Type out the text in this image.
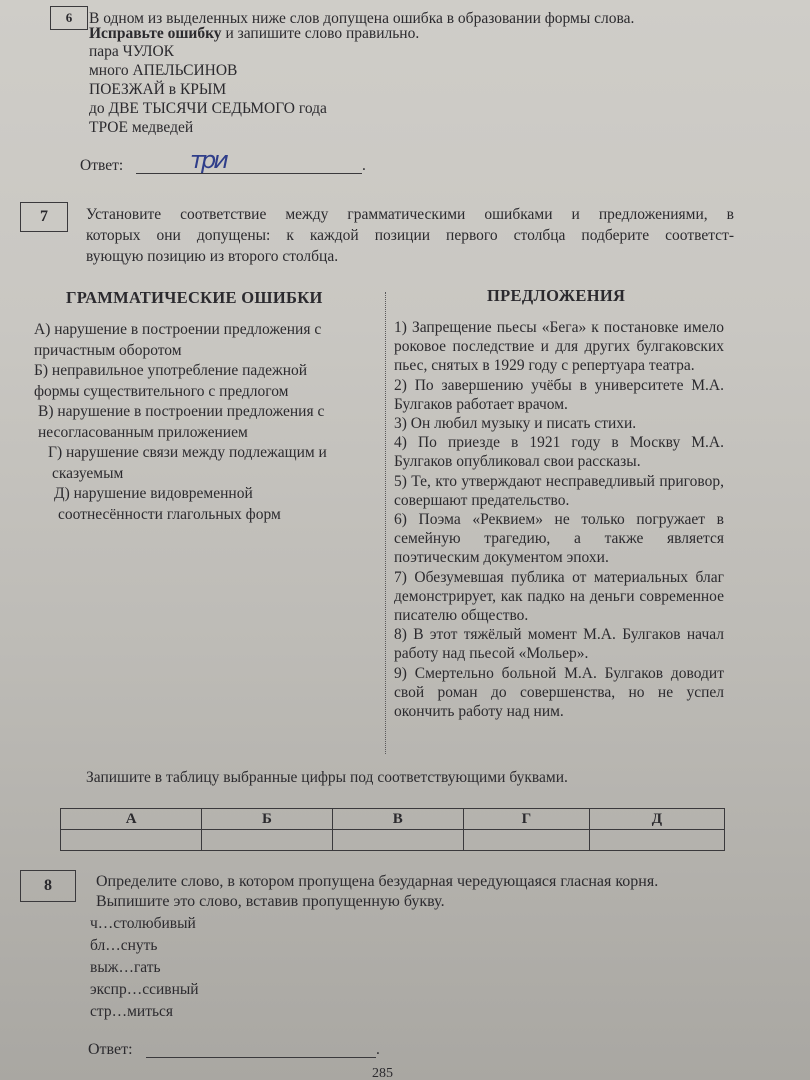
6	В одном из выделенных ниже слов допущена ошибка в образовании формы слова.
Исправьте ошибку и запишите слово правильно.
пара ЧУЛОК
много АПЕЛЬСИНОВ
ПОЕЗЖАЙ в КРЫМ
до ДВЕ ТЫСЯЧИ СЕДЬМОГО года
ТРОЕ медведей
Ответ:	.
три
7	Установите соответствие между грамматическими ошибками и предложениями, в
которых они допущены: к каждой позиции первого столбца подберите соответст-
вующую позицию из второго столбца.
ГРАММАТИЧЕСКИЕ ОШИБКИ	ПРЕДЛОЖЕНИЯ
А) нарушение в построении предложения с
причастным оборотом
Б) неправильное употребление падежной
формы существительного с предлогом
В) нарушение в построении предложения с
несогласованным приложением
Г) нарушение связи между подлежащим и
сказуемым
Д) нарушение видовременной
соотнесённости глагольных форм
1) Запрещение пьесы «Бега» к постановке имело роковое последствие и для других булгаковских пьес, снятых в 1929 году с репертуара театра.
2) По завершению учёбы в университете М.А. Булгаков работает врачом.
3) Он любил музыку и писать стихи.
4) По приезде в 1921 году в Москву М.А. Булгаков опубликовал свои рассказы.
5) Те, кто утверждают несправедливый приговор, совершают предательство.
6) Поэма «Реквием» не только погружает в семейную трагедию, а также является поэтическим документом эпохи.
7) Обезумевшая публика от материальных благ демонстрирует, как падко на деньги современное писателю общество.
8) В этот тяжёлый момент М.А. Булгаков начал работу над пьесой «Мольер».
9) Смертельно больной М.А. Булгаков доводит свой роман до совершенства, но не успел окончить работу над ним.
Запишите в таблицу выбранные цифры под соответствующими буквами.
А	Б	В	Г	Д

8	Определите слово, в котором пропущена безударная чередующаяся гласная корня.
Выпишите это слово, вставив пропущенную букву.
ч…столюбивый
бл…снуть
выж…гать
экспр…ссивный
стр…миться
Ответ:	.
285
